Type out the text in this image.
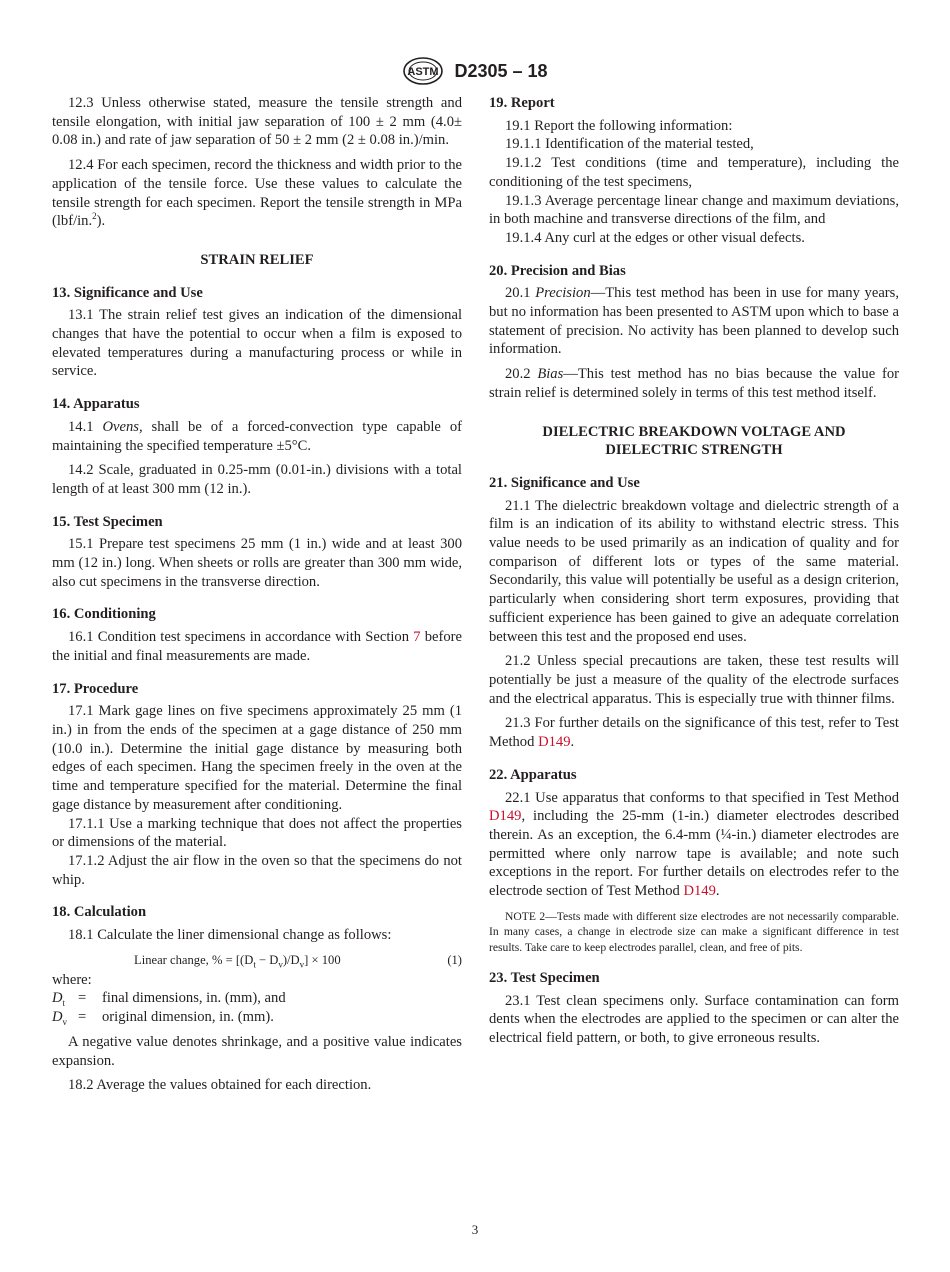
ASTM D2305 – 18

12.3 Unless otherwise stated, measure the tensile strength and tensile elongation, with initial jaw separation of 100 ± 2 mm (4.0± 0.08 in.) and rate of jaw separation of 50 ± 2 mm (2 ± 0.08 in.)/min.

12.4 For each specimen, record the thickness and width prior to the application of the tensile force. Use these values to calculate the tensile strength for each specimen. Report the tensile strength in MPa (lbf/in.$^2$).

STRAIN RELIEF

13. Significance and Use

13.1 The strain relief test gives an indication of the dimensional changes that have the potential to occur when a film is exposed to elevated temperatures during a manufacturing process or while in service.

14. Apparatus

14.1 Ovens, shall be of a forced-convection type capable of maintaining the specified temperature ±5°C.

14.2 Scale, graduated in 0.25-mm (0.01-in.) divisions with a total length of at least 300 mm (12 in.).

15. Test Specimen

15.1 Prepare test specimens 25 mm (1 in.) wide and at least 300 mm (12 in.) long. When sheets or rolls are greater than 300 mm wide, also cut specimens in the transverse direction.

16. Conditioning

16.1 Condition test specimens in accordance with Section 7 before the initial and final measurements are made.

17. Procedure

17.1 Mark gage lines on five specimens approximately 25 mm (1 in.) in from the ends of the specimen at a gage distance of 250 mm (10.0 in.). Determine the initial gage distance by measuring both edges of each specimen. Hang the specimen freely in the oven at the time and temperature specified for the material. Determine the final gage distance by measurement after conditioning.

17.1.1 Use a marking technique that does not affect the properties or dimensions of the material.

17.1.2 Adjust the air flow in the oven so that the specimens do not whip.

18. Calculation

18.1 Calculate the liner dimensional change as follows:

Linear change, % = $[(D_t - D_v)/D_v] \times 100$	(1)

where:

$D_t$ =	final dimensions, in. (mm), and
$D_v$ =	original dimension, in. (mm).

A negative value denotes shrinkage, and a positive value indicates expansion.

18.2 Average the values obtained for each direction.

19. Report

19.1 Report the following information:

19.1.1 Identification of the material tested,

19.1.2 Test conditions (time and temperature), including the conditioning of the test specimens,

19.1.3 Average percentage linear change and maximum deviations, in both machine and transverse directions of the film, and

19.1.4 Any curl at the edges or other visual defects.

20. Precision and Bias

20.1 Precision—This test method has been in use for many years, but no information has been presented to ASTM upon which to base a statement of precision. No activity has been planned to develop such information.

20.2 Bias—This test method has no bias because the value for strain relief is determined solely in terms of this test method itself.

DIELECTRIC BREAKDOWN VOLTAGE AND
DIELECTRIC STRENGTH

21. Significance and Use

21.1 The dielectric breakdown voltage and dielectric strength of a film is an indication of its ability to withstand electric stress. This value needs to be used primarily as an indication of quality and for comparison of different lots or types of the same material. Secondarily, this value will potentially be useful as a design criterion, particularly when considering short term exposures, providing that sufficient experience has been gained to give an adequate correlation between this test and the proposed end uses.

21.2 Unless special precautions are taken, these test results will potentially be just a measure of the quality of the electrode surfaces and the electrical apparatus. This is especially true with thinner films.

21.3 For further details on the significance of this test, refer to Test Method D149.

22. Apparatus

22.1 Use apparatus that conforms to that specified in Test Method D149, including the 25-mm (1-in.) diameter electrodes described therein. As an exception, the 6.4-mm (¼-in.) diameter electrodes are permitted where only narrow tape is available; and note such exceptions in the report. For further details on electrodes refer to the electrode section of Test Method D149.

NOTE 2—Tests made with different size electrodes are not necessarily comparable. In many cases, a change in electrode size can make a significant difference in test results. Take care to keep electrodes parallel, clean, and free of pits.

23. Test Specimen

23.1 Test clean specimens only. Surface contamination can form dents when the electrodes are applied to the specimen or can alter the electrical field pattern, or both, to give erroneous results.

3
